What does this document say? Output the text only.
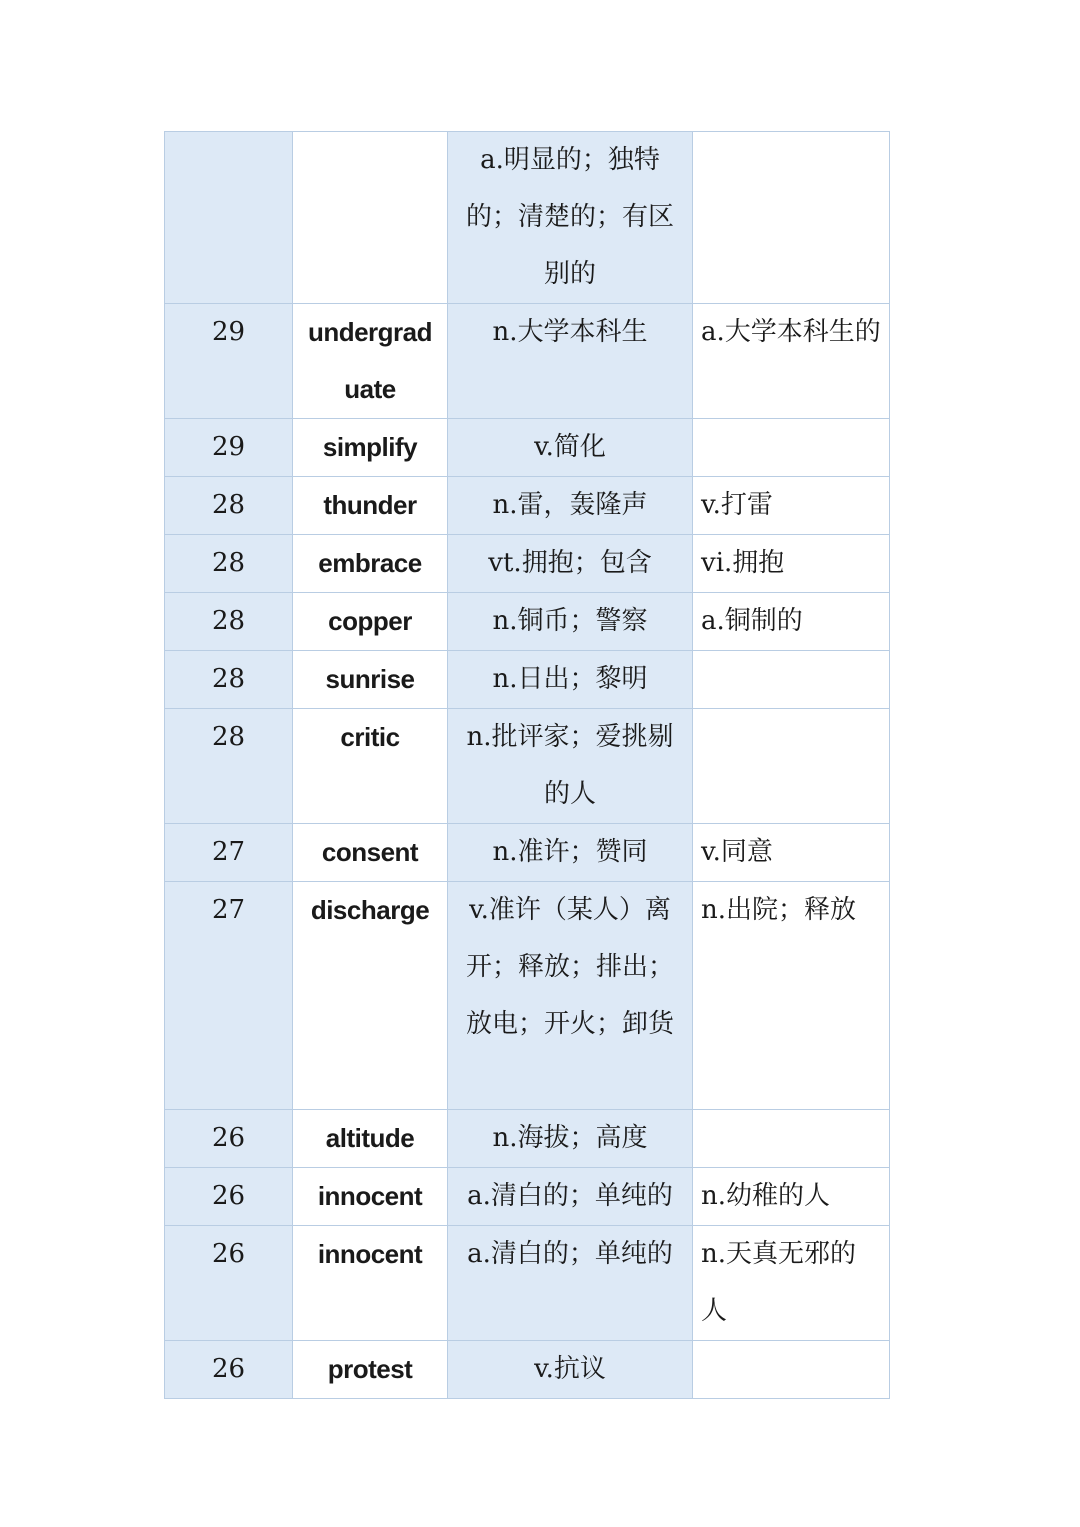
		a.明显的；独特的；清楚的；有区别的	

29	undergraduate	n.大学本科生	a.大学本科生的

29	simplify	v.简化	

28	thunder	n.雷，轰隆声	v.打雷

28	embrace	vt.拥抱；包含	vi.拥抱

28	copper	n.铜币；警察	a.铜制的

28	sunrise	n.日出；黎明	

28	critic	n.批评家；爱挑剔的人	

27	consent	n.准许；赞同	v.同意

27	discharge	v.准许（某人）离开；释放；排出；放电；开火；卸货	n.出院；释放

26	altitude	n.海拔；高度	

26	innocent	a.清白的；单纯的	n.幼稚的人

26	innocent	a.清白的；单纯的	n.天真无邪的人

26	protest	v.抗议	
